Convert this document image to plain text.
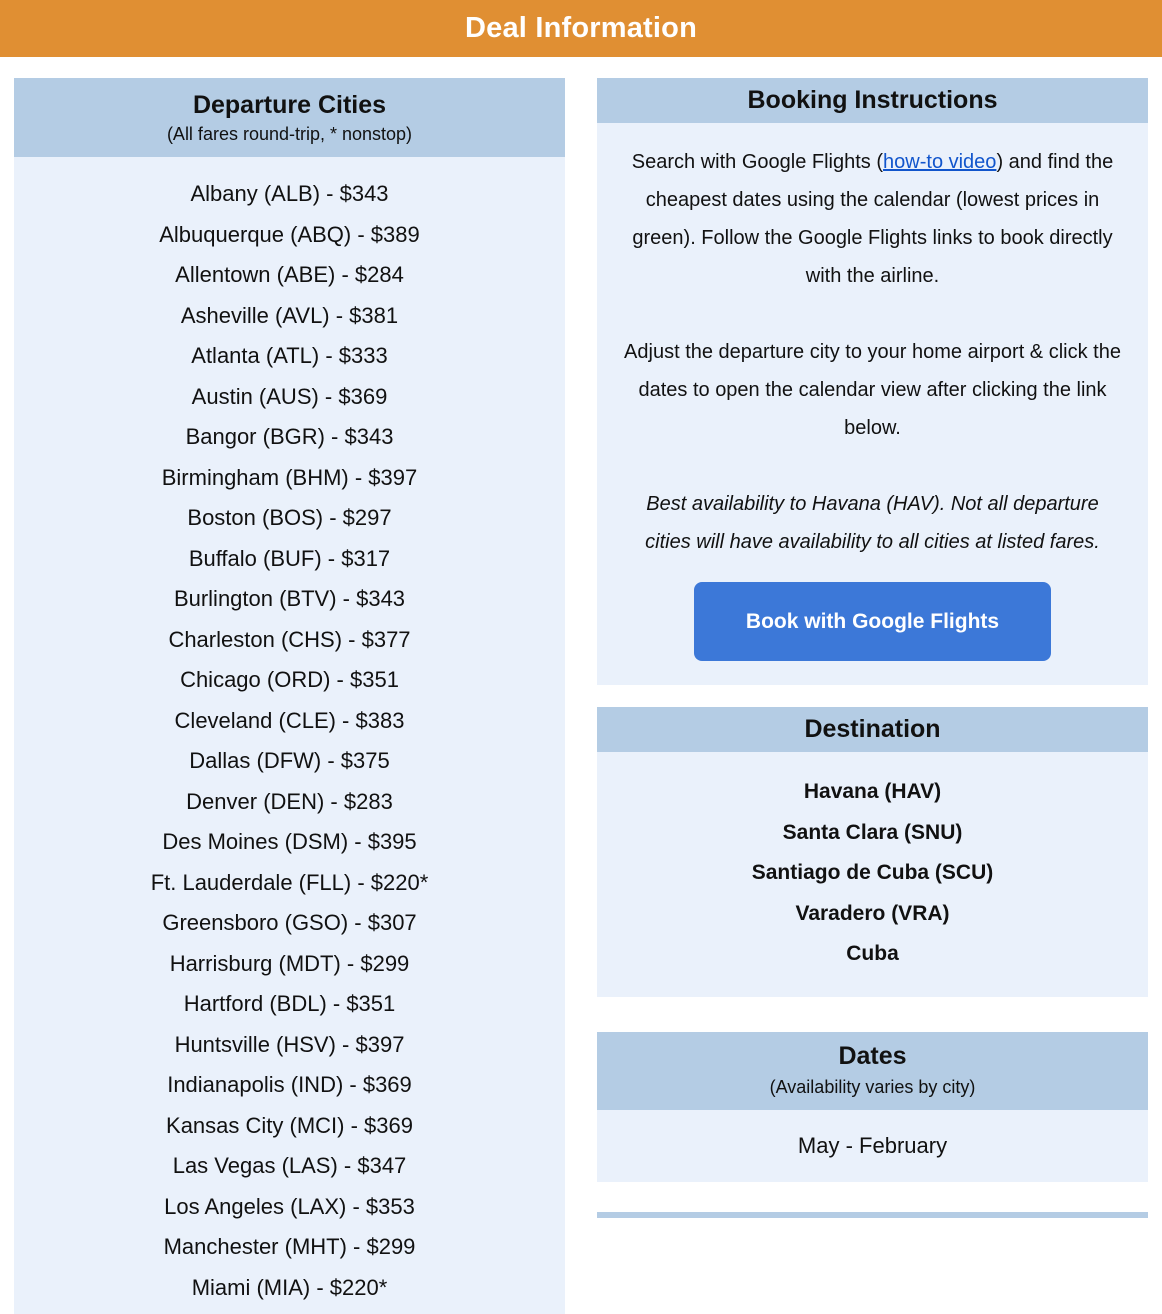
Deal Information
Departure Cities
(All fares round-trip, * nonstop)
Albany (ALB) - $343
Albuquerque (ABQ) - $389
Allentown (ABE) - $284
Asheville (AVL) - $381
Atlanta (ATL) - $333
Austin (AUS) - $369
Bangor (BGR) - $343
Birmingham (BHM) - $397
Boston (BOS) - $297
Buffalo (BUF) - $317
Burlington (BTV) - $343
Charleston (CHS) - $377
Chicago (ORD) - $351
Cleveland (CLE) - $383
Dallas (DFW) - $375
Denver (DEN) - $283
Des Moines (DSM) - $395
Ft. Lauderdale (FLL) - $220*
Greensboro (GSO) - $307
Harrisburg (MDT) - $299
Hartford (BDL) - $351
Huntsville (HSV) - $397
Indianapolis (IND) - $369
Kansas City (MCI) - $369
Las Vegas (LAS) - $347
Los Angeles (LAX) - $353
Manchester (MHT) - $299
Miami (MIA) - $220*
Booking Instructions

Search with Google Flights (how-to video) and find the cheapest dates using the calendar (lowest prices in green). Follow the Google Flights links to book directly with the airline.

Adjust the departure city to your home airport & click the dates to open the calendar view after clicking the link below.

Best availability to Havana (HAV). Not all departure cities will have availability to all cities at listed fares.

Book with Google Flights
Destination
Havana (HAV)
Santa Clara (SNU)
Santiago de Cuba (SCU)
Varadero (VRA)
Cuba
Dates
(Availability varies by city)
May - February
